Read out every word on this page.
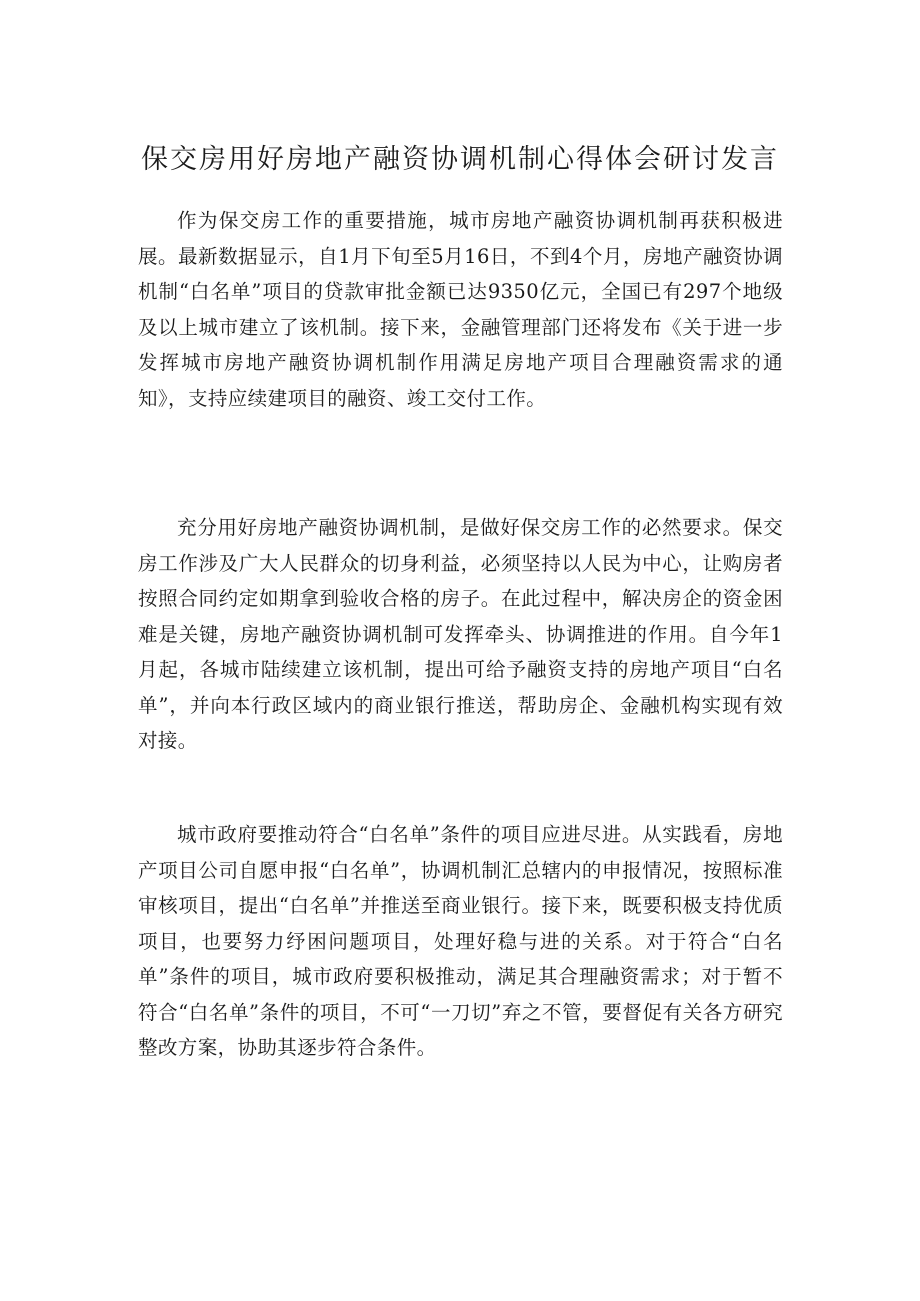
保交房用好房地产融资协调机制心得体会研讨发言

作为保交房工作的重要措施，城市房地产融资协调机制再获积极进展。最新数据显示，自1月下旬至5月16日，不到4个月，房地产融资协调机制“白名单”项目的贷款审批金额已达9350亿元，全国已有297个地级及以上城市建立了该机制。接下来，金融管理部门还将发布《关于进一步发挥城市房地产融资协调机制作用满足房地产项目合理融资需求的通知》，支持应续建项目的融资、竣工交付工作。

充分用好房地产融资协调机制，是做好保交房工作的必然要求。保交房工作涉及广大人民群众的切身利益，必须坚持以人民为中心，让购房者按照合同约定如期拿到验收合格的房子。在此过程中，解决房企的资金困难是关键，房地产融资协调机制可发挥牵头、协调推进的作用。自今年1月起，各城市陆续建立该机制，提出可给予融资支持的房地产项目“白名单”，并向本行政区域内的商业银行推送，帮助房企、金融机构实现有效对接。

城市政府要推动符合“白名单”条件的项目应进尽进。从实践看，房地产项目公司自愿申报“白名单”，协调机制汇总辖内的申报情况，按照标准审核项目，提出“白名单”并推送至商业银行。接下来，既要积极支持优质项目，也要努力纾困问题项目，处理好稳与进的关系。对于符合“白名单”条件的项目，城市政府要积极推动，满足其合理融资需求；对于暂不符合“白名单”条件的项目，不可“一刀切”弃之不管，要督促有关各方研究整改方案，协助其逐步符合条件。
